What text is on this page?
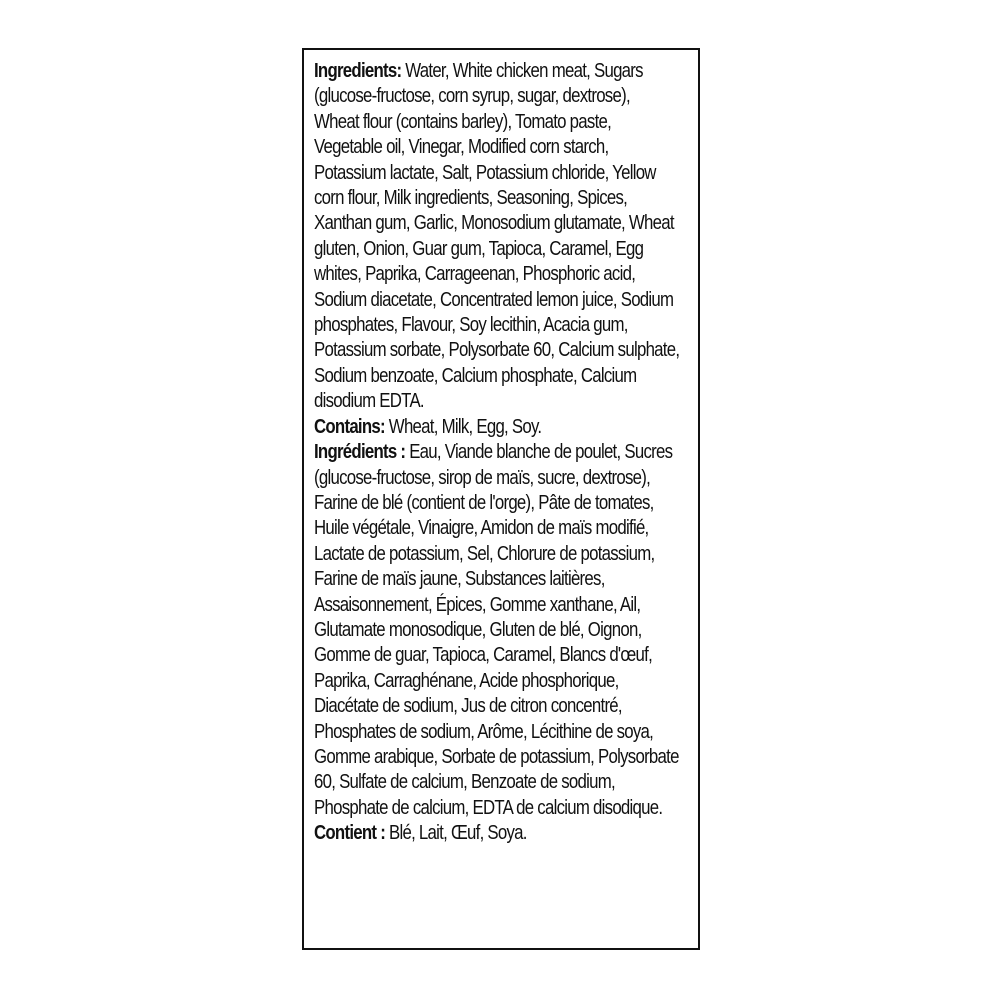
Ingredients: Water, White chicken meat, Sugars
(glucose-fructose, corn syrup, sugar, dextrose),
Wheat flour (contains barley), Tomato paste,
Vegetable oil, Vinegar, Modified corn starch,
Potassium lactate, Salt, Potassium chloride, Yellow
corn flour, Milk ingredients, Seasoning, Spices,
Xanthan gum, Garlic, Monosodium glutamate, Wheat
gluten, Onion, Guar gum, Tapioca, Caramel, Egg
whites, Paprika, Carrageenan, Phosphoric acid,
Sodium diacetate, Concentrated lemon juice, Sodium
phosphates, Flavour, Soy lecithin, Acacia gum,
Potassium sorbate, Polysorbate 60, Calcium sulphate,
Sodium benzoate, Calcium phosphate, Calcium
disodium EDTA.
Contains: Wheat, Milk, Egg, Soy.
Ingrédients : Eau, Viande blanche de poulet, Sucres
(glucose-fructose, sirop de maïs, sucre, dextrose),
Farine de blé (contient de l'orge), Pâte de tomates,
Huile végétale, Vinaigre, Amidon de maïs modifié,
Lactate de potassium, Sel, Chlorure de potassium,
Farine de maïs jaune, Substances laitières,
Assaisonnement, Épices, Gomme xanthane, Ail,
Glutamate monosodique, Gluten de blé, Oignon,
Gomme de guar, Tapioca, Caramel, Blancs d'œuf,
Paprika, Carraghénane, Acide phosphorique,
Diacétate de sodium, Jus de citron concentré,
Phosphates de sodium, Arôme, Lécithine de soya,
Gomme arabique, Sorbate de potassium, Polysorbate
60, Sulfate de calcium, Benzoate de sodium,
Phosphate de calcium, EDTA de calcium disodique.
Contient : Blé, Lait, Œuf, Soya.
